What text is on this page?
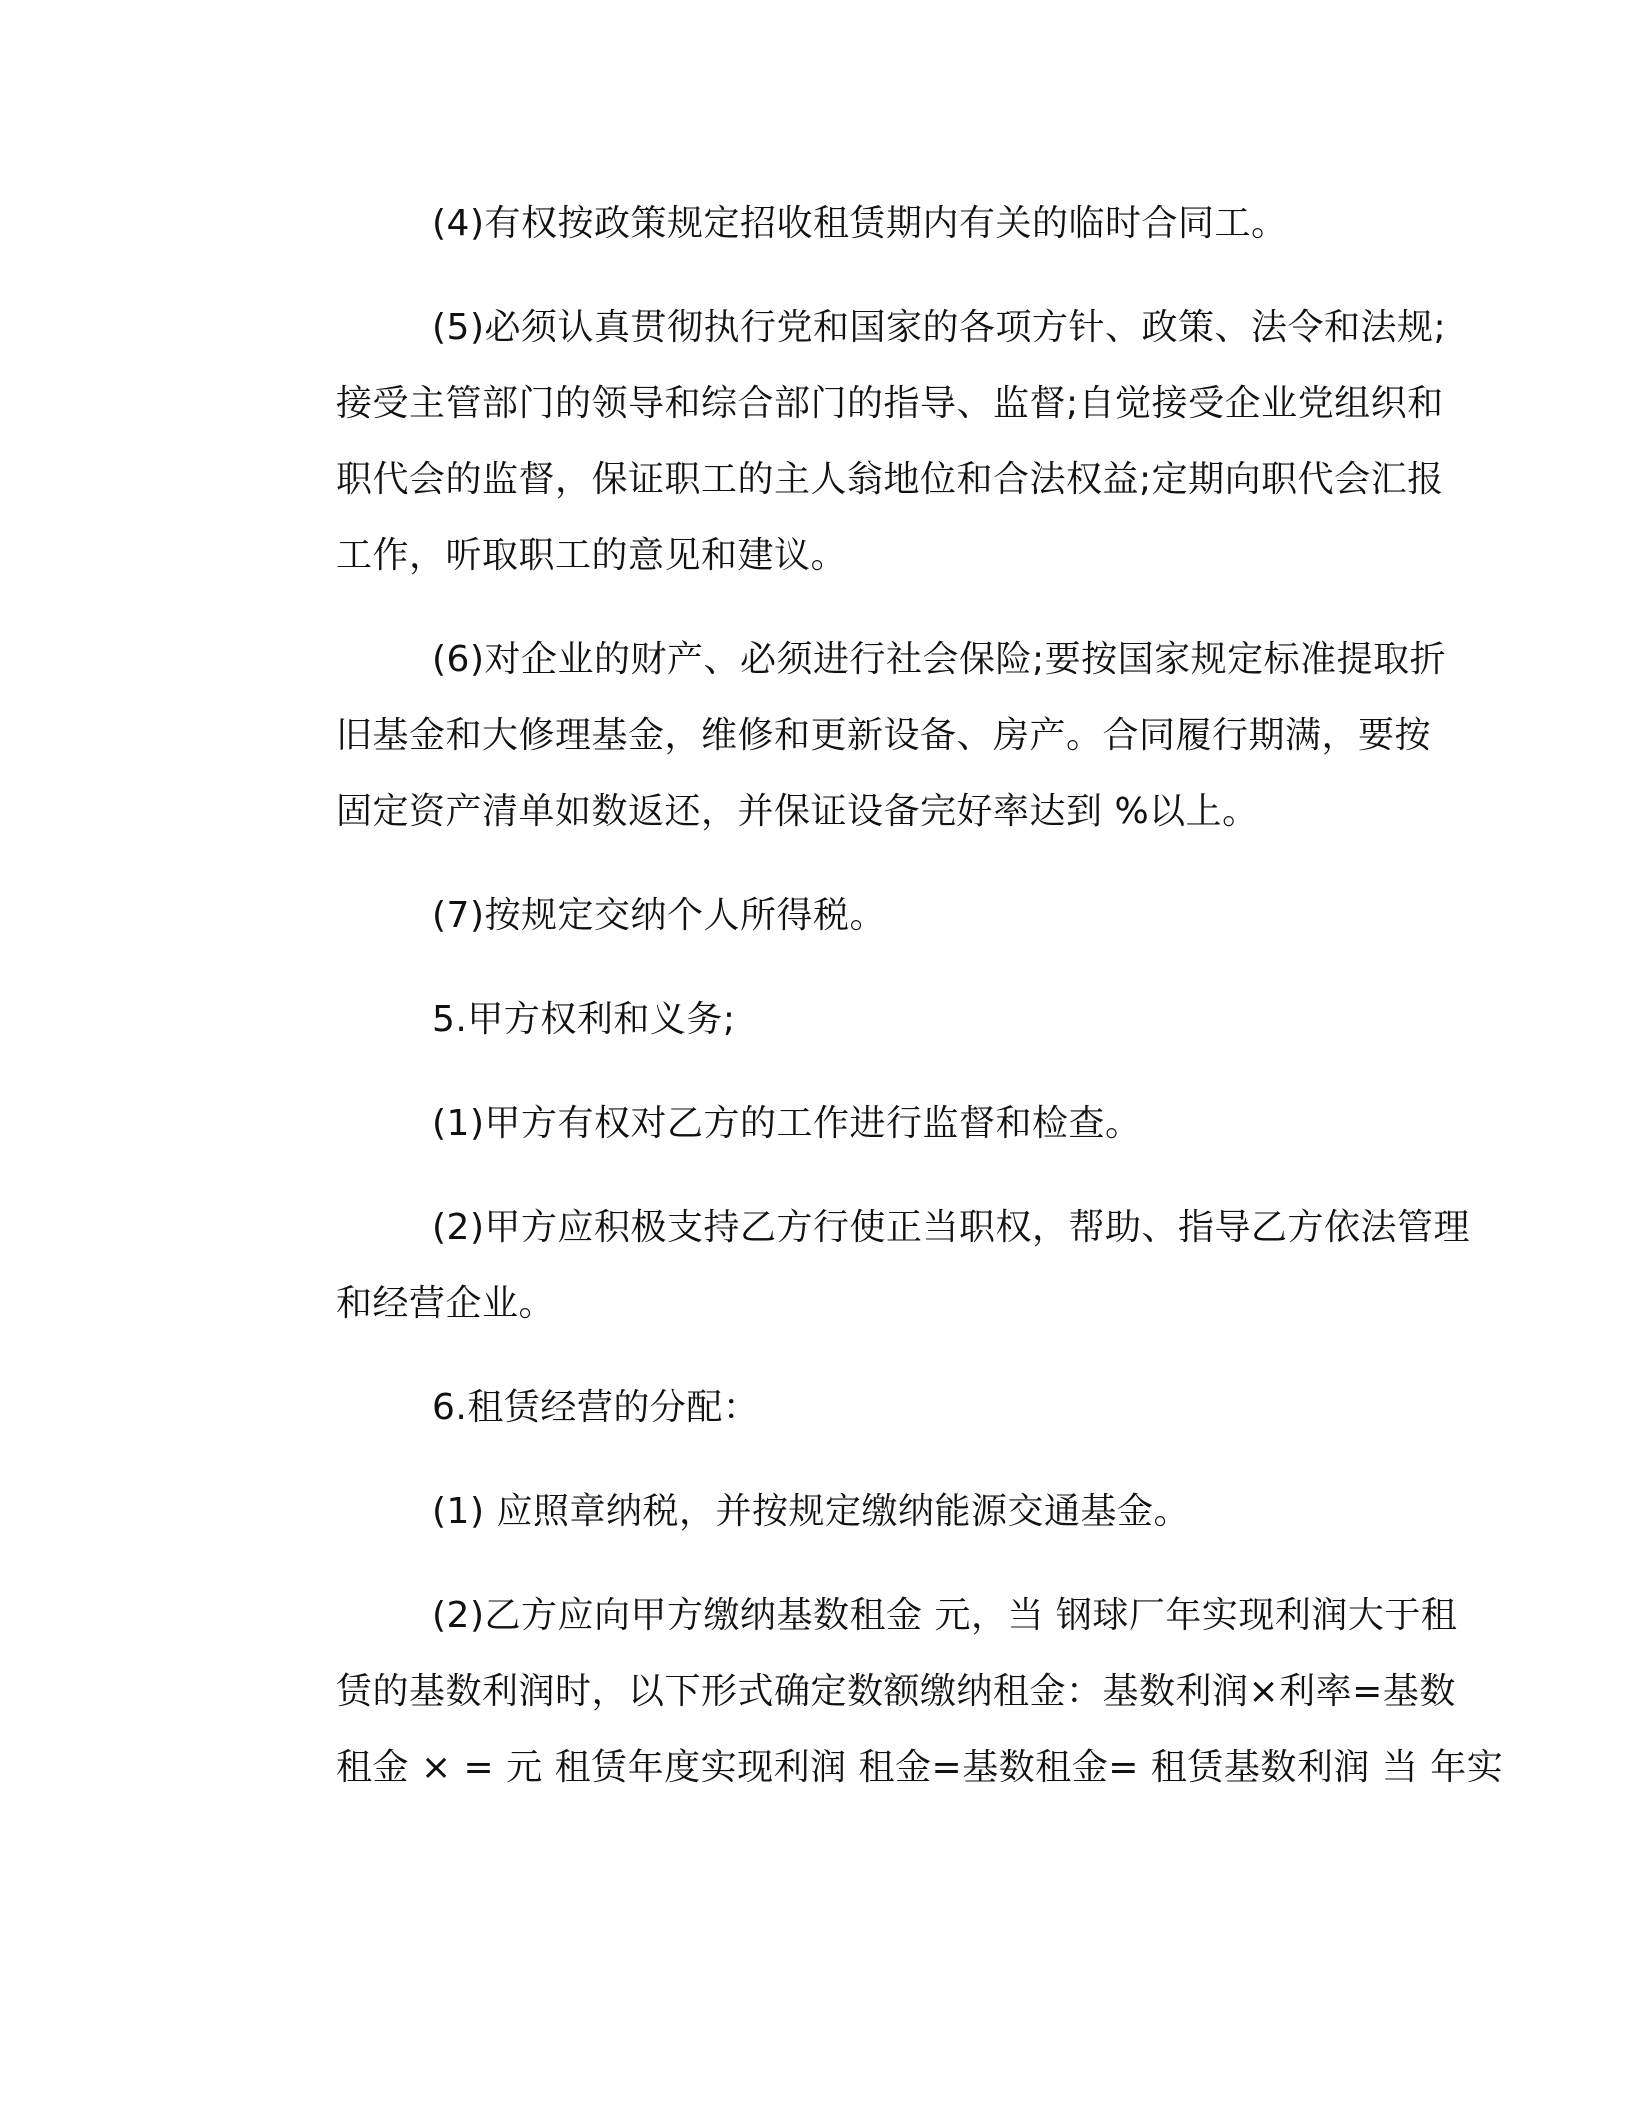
(4)有权按政策规定招收租赁期内有关的临时合同工。
(5)必须认真贯彻执行党和国家的各项方针、政策、法令和法规;
接受主管部门的领导和综合部门的指导、监督;自觉接受企业党组织和
职代会的监督，保证职工的主人翁地位和合法权益;定期向职代会汇报
工作，听取职工的意见和建议。
(6)对企业的财产、必须进行社会保险;要按国家规定标准提取折
旧基金和大修理基金，维修和更新设备、房产。合同履行期满，要按
固定资产清单如数返还，并保证设备完好率达到 %以上。
(7)按规定交纳个人所得税。
5.甲方权利和义务;
(1)甲方有权对乙方的工作进行监督和检查。
(2)甲方应积极支持乙方行使正当职权，帮助、指导乙方依法管理
和经营企业。
6.租赁经营的分配：
(1) 应照章纳税，并按规定缴纳能源交通基金。
(2)乙方应向甲方缴纳基数租金 元，当 钢球厂年实现利润大于租
赁的基数利润时，以下形式确定数额缴纳租金：基数利润×利率=基数
租金 × = 元 租赁年度实现利润 租金=基数租金= 租赁基数利润 当 年实
